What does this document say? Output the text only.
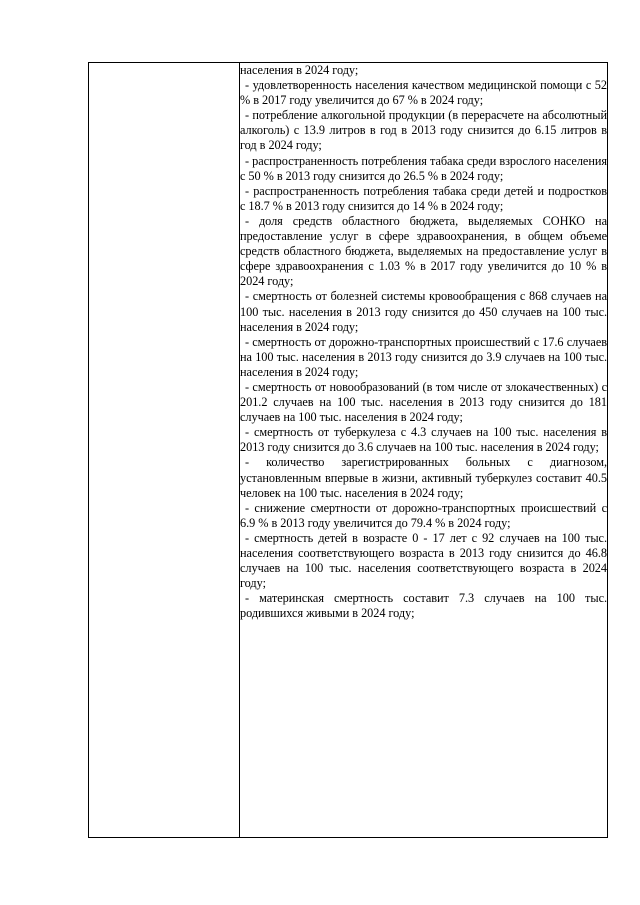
населения в 2024 году;

- удовлетворенность населения качеством медицинской помощи с 52 % в 2017 году увеличится до 67 % в 2024 году;

- потребление алкогольной продукции (в перерасчете на абсолютный алкоголь) с 13.9 литров в год в 2013 году снизится до 6.15 литров в год в 2024 году;

- распространенность потребления табака среди взрослого населения с 50 % в 2013 году снизится до 26.5 % в 2024 году;

- распространенность потребления табака среди детей и подростков с 18.7 % в 2013 году снизится до 14 % в 2024 году;

- доля средств областного бюджета, выделяемых СОНКО на предоставление услуг в сфере здравоохранения, в общем объеме средств областного бюджета, выделяемых на предоставление услуг в сфере здравоохранения с 1.03 % в 2017 году увеличится до 10 % в 2024 году;

- смертность от болезней системы кровообращения с 868 случаев на 100 тыс. населения в 2013 году снизится до 450 случаев на 100 тыс. населения в 2024 году;

- смертность от дорожно-транспортных происшествий с 17.6 случаев на 100 тыс. населения в 2013 году снизится до 3.9 случаев на 100 тыс. населения в 2024 году;

- смертность от новообразований (в том числе от злокачественных) с 201.2 случаев на 100 тыс. населения в 2013 году снизится до 181 случаев на 100 тыс. населения в 2024 году;

- смертность от туберкулеза с 4.3 случаев на 100 тыс. населения в 2013 году снизится до 3.6 случаев на 100 тыс. населения в 2024 году;

- количество зарегистрированных больных с диагнозом, установленным впервые в жизни, активный туберкулез составит 40.5 человек на 100 тыс. населения в 2024 году;

- снижение смертности от дорожно-транспортных происшествий с 6.9 % в 2013 году увеличится до 79.4 % в 2024 году;

- смертность детей в возрасте 0 - 17 лет с 92 случаев на 100 тыс. населения соответствующего возраста в 2013 году снизится до 46.8 случаев на 100 тыс. населения соответствующего возраста в 2024 году;

- материнская смертность составит 7.3 случаев на 100 тыс. родившихся живыми в 2024 году;
